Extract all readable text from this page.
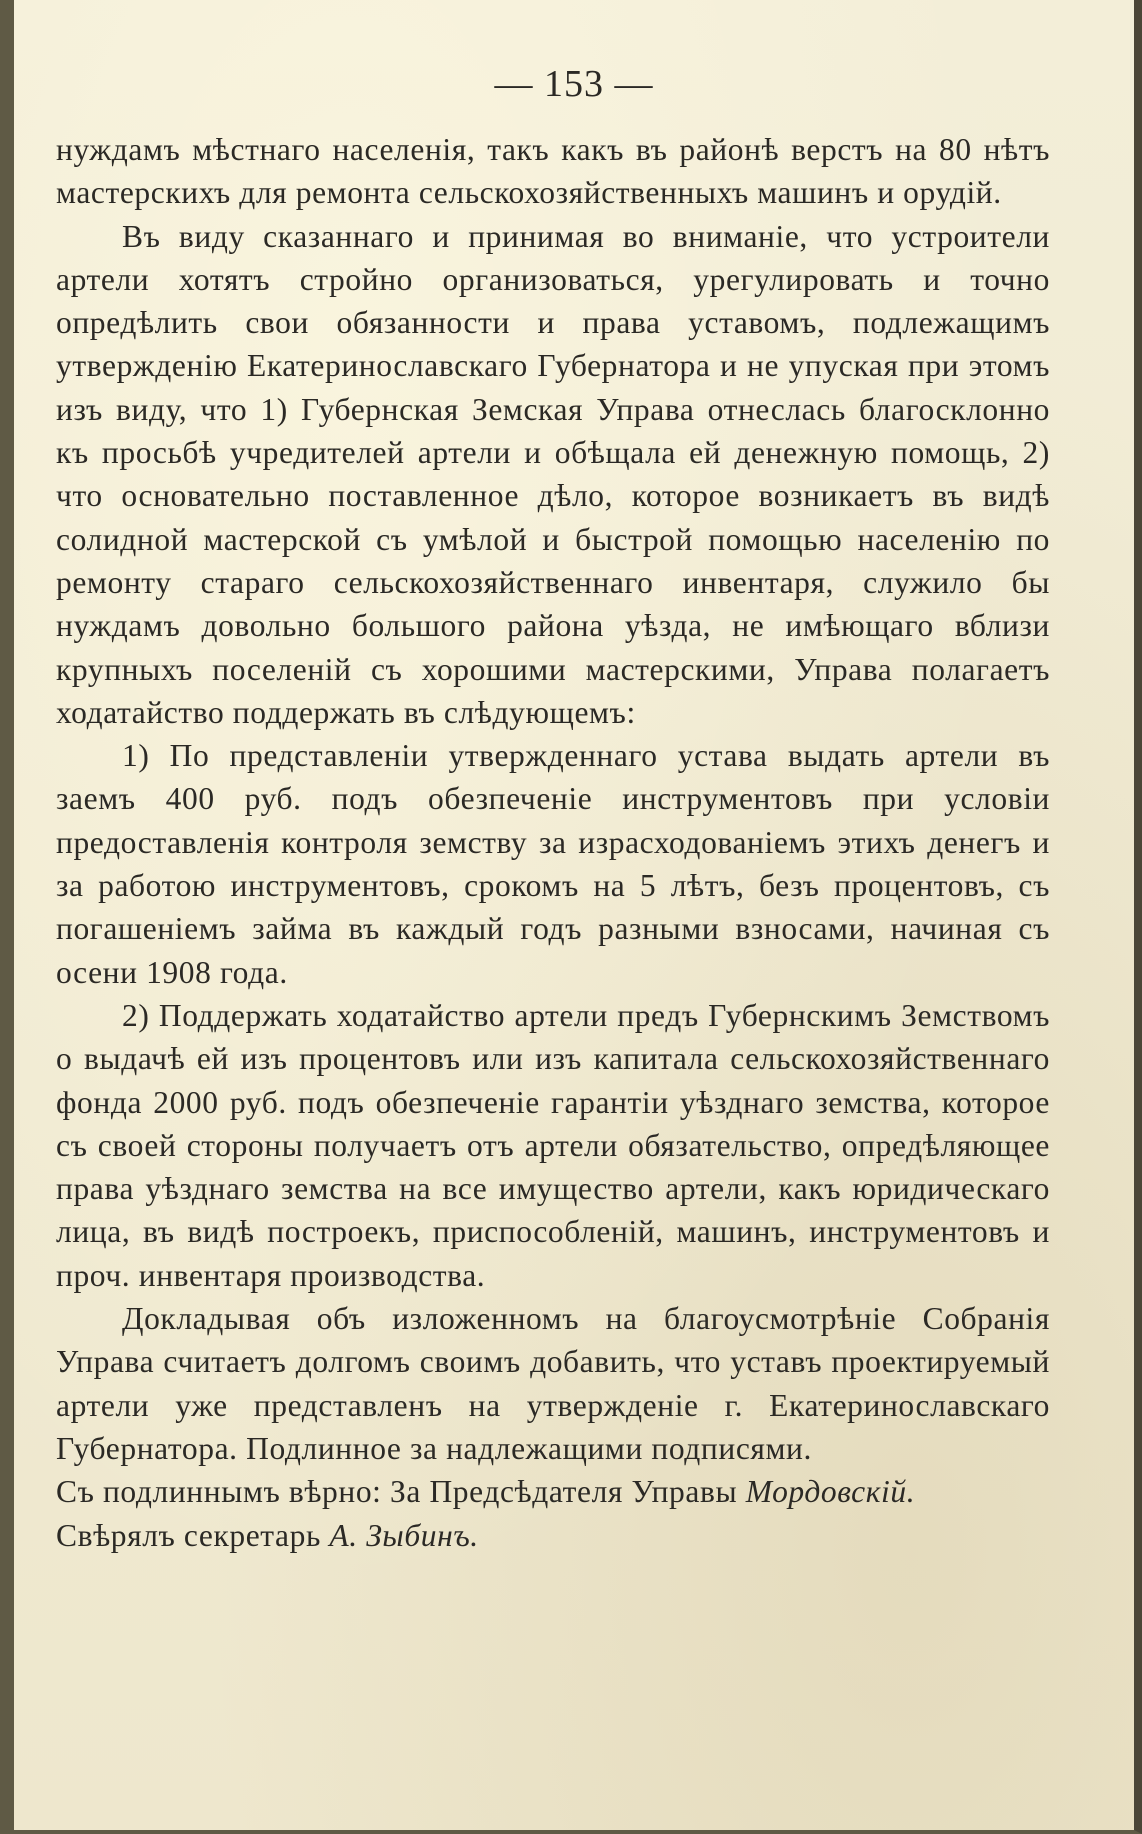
— 153 —

нуждамъ мѣстнаго населенія, такъ какъ въ районѣ верстъ на 80 нѣтъ мастерскихъ для ремонта сельскохозяйственныхъ машинъ и орудій.

Въ виду сказаннаго и принимая во вниманіе, что устроители артели хотятъ стройно организоваться, урегулировать и точно опредѣлить свои обязанности и права уставомъ, подлежащимъ утвержденію Екатеринославскаго Губернатора и не упуская при этомъ изъ виду, что 1) Губернская Земская Управа отнеслась благосклонно къ просьбѣ учредителей артели и обѣщала ей денежную помощь, 2) что основательно поставленное дѣло, которое возникаетъ въ видѣ солидной мастерской съ умѣлой и быстрой помощью населенію по ремонту стараго сельскохозяйственнаго инвентаря, служило бы нуждамъ довольно большого района уѣзда, не имѣющаго вблизи крупныхъ поселеній съ хорошими мастерскими, Управа полагаетъ ходатайство поддержать въ слѣдующемъ:

1) По представленіи утвержденнаго устава выдать артели въ заемъ 400 руб. подъ обезпеченіе инструментовъ при условіи предоставленія контроля земству за израсходованіемъ этихъ денегъ и за работою инструментовъ, срокомъ на 5 лѣтъ, безъ процентовъ, съ погашеніемъ займа въ каждый годъ разными взносами, начиная съ осени 1908 года.

2) Поддержать ходатайство артели предъ Губернскимъ Земствомъ о выдачѣ ей изъ процентовъ или изъ капитала сельскохозяйственнаго фонда 2000 руб. подъ обезпеченіе гарантіи уѣзднаго земства, которое съ своей стороны получаетъ отъ артели обязательство, опредѣляющее права уѣзднаго земства на все имущество артели, какъ юридическаго лица, въ видѣ построекъ, приспособленій, машинъ, инструментовъ и проч. инвентаря производства.

Докладывая объ изложенномъ на благоусмотрѣніе Собранія Управа считаетъ долгомъ своимъ добавить, что уставъ проектируемый артели уже представленъ на утвержденіе г. Екатеринославскаго Губернатора. Подлинное за надлежащими подписями.

Съ подлиннымъ вѣрно: За Предсѣдателя Управы Мордовскій.
Свѣрялъ секретарь А. Зыбинъ.
